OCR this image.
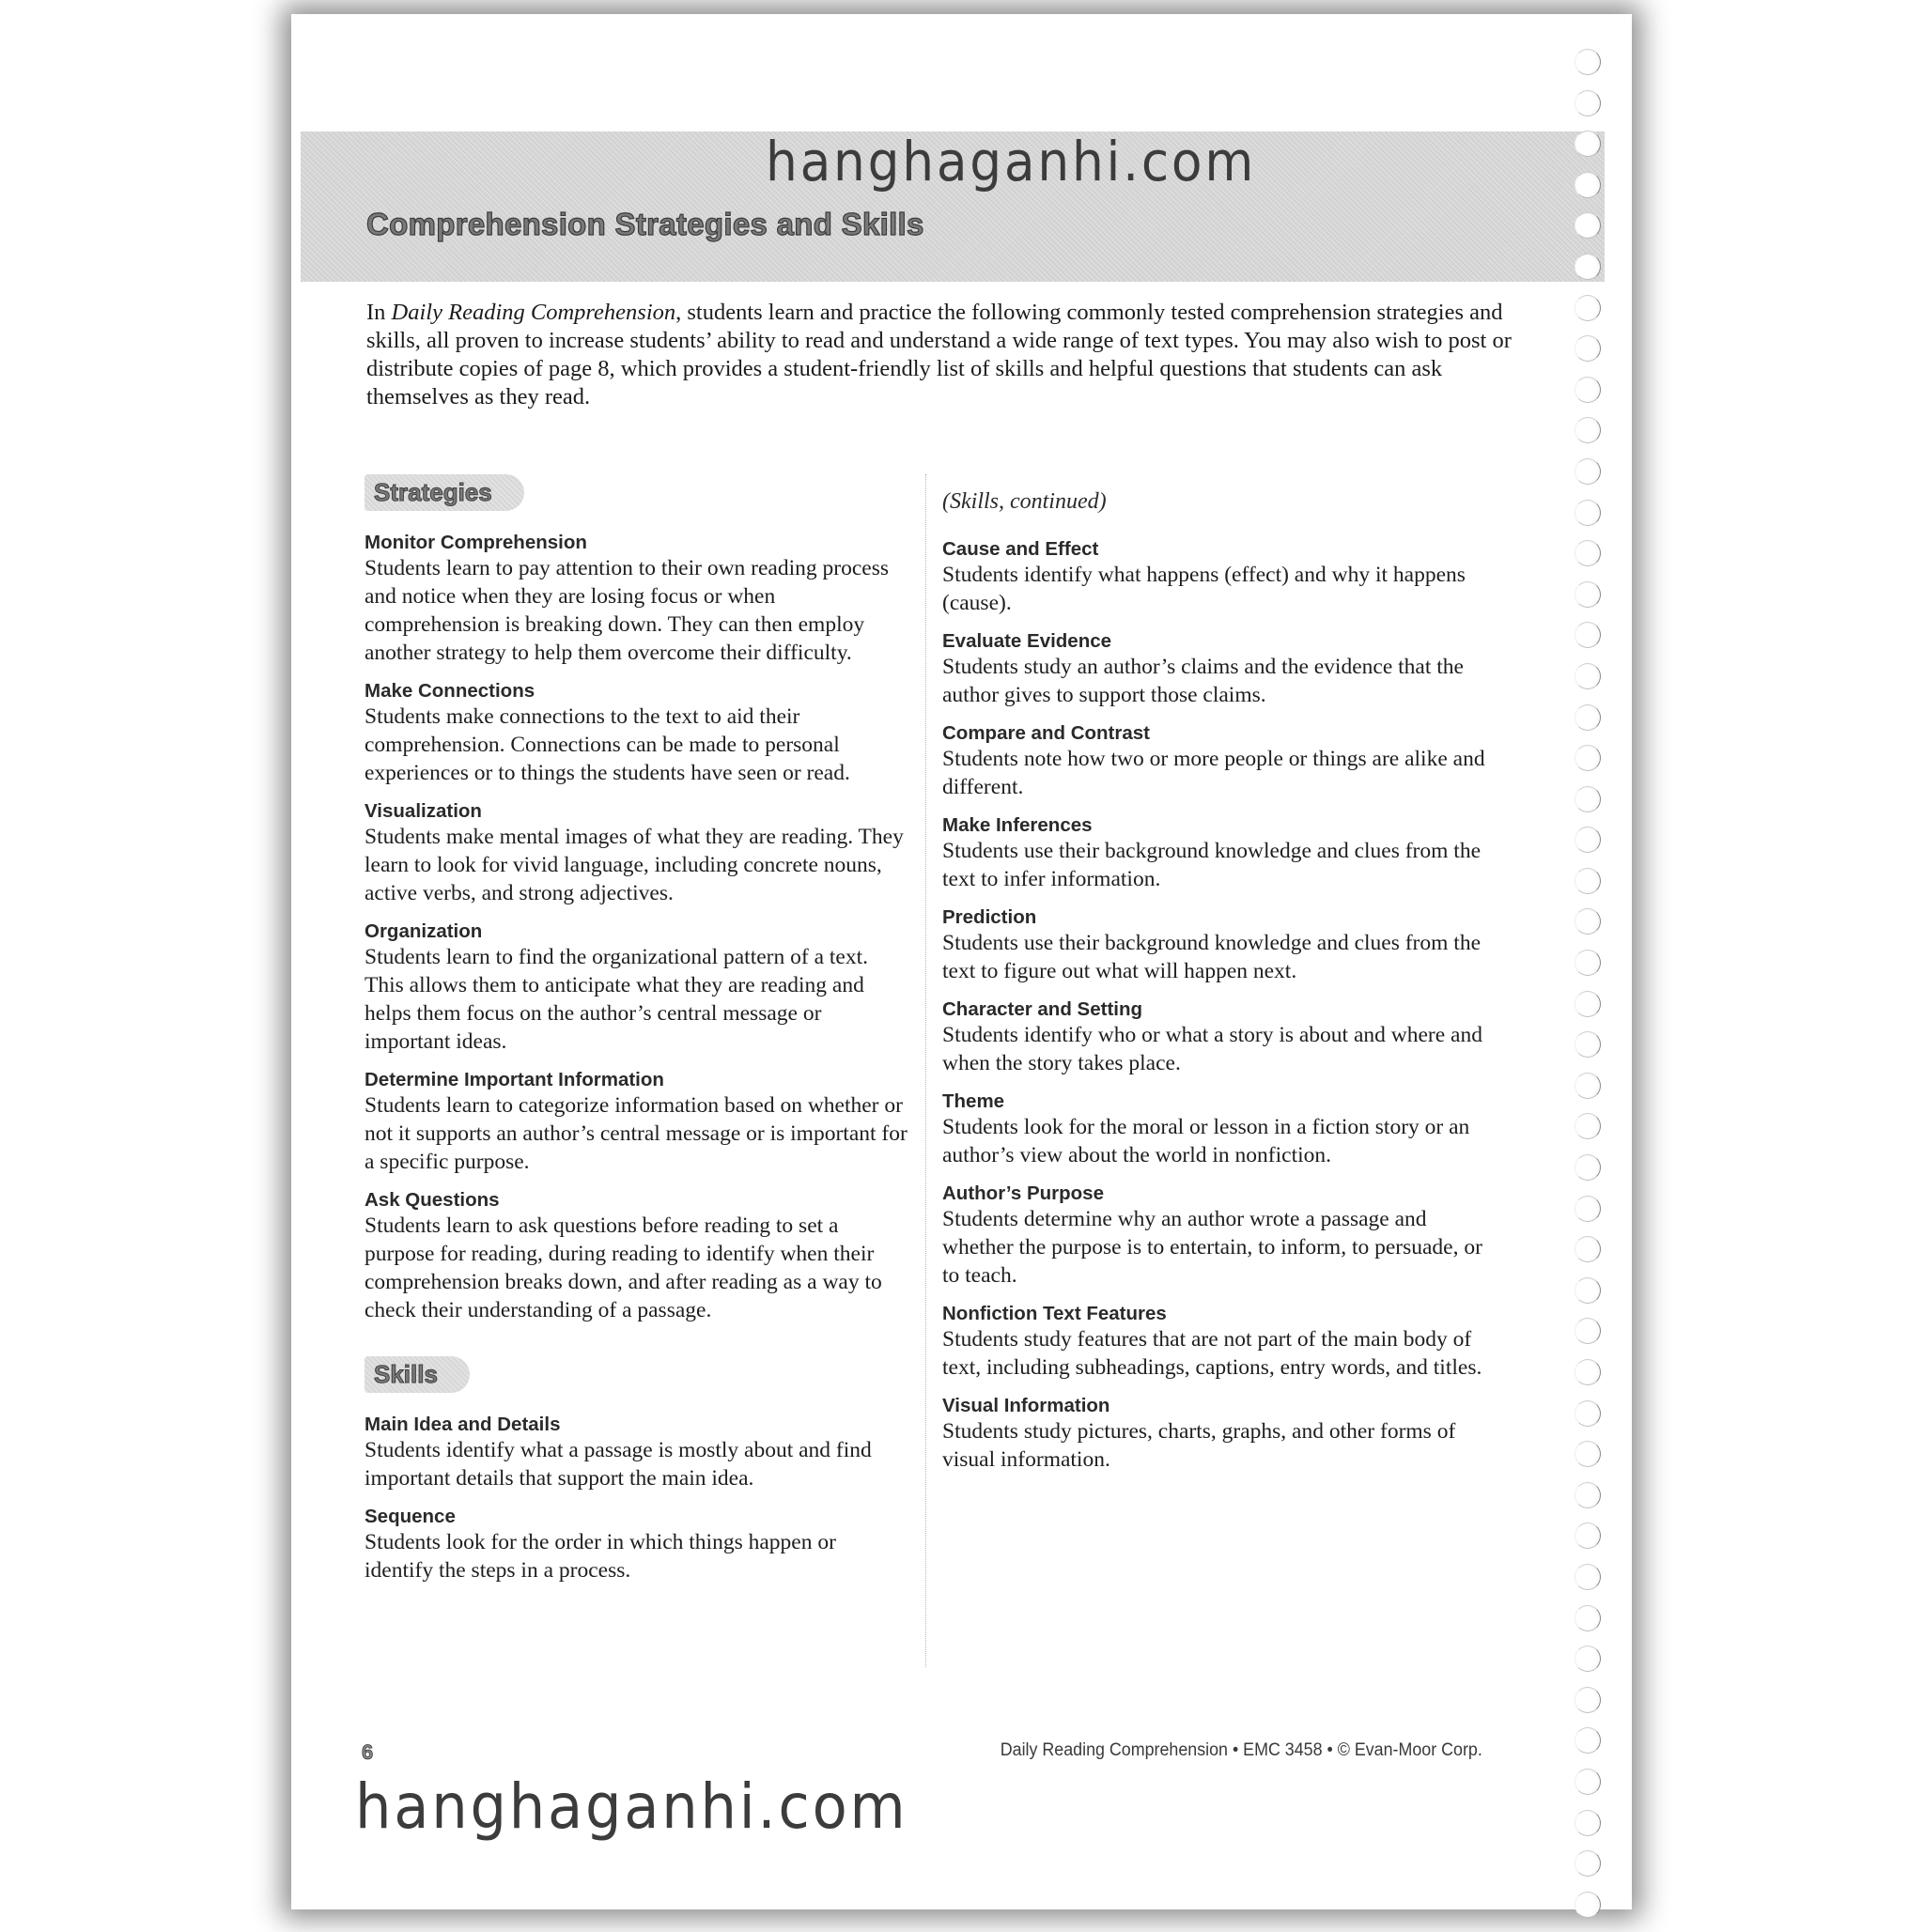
Comprehension Strategies and Skills

In Daily Reading Comprehension, students learn and practice the following commonly tested comprehension strategies and skills, all proven to increase students’ ability to read and understand a wide range of text types. You may also wish to post or distribute copies of page 8, which provides a student-friendly list of skills and helpful questions that students can ask themselves as they read.

Strategies

Monitor Comprehension

Students learn to pay attention to their own reading process and notice when they are losing focus or when comprehension is breaking down. They can then employ another strategy to help them overcome their difficulty.

Make Connections

Students make connections to the text to aid their comprehension. Connections can be made to personal experiences or to things the students have seen or read.

Visualization

Students make mental images of what they are reading. They learn to look for vivid language, including concrete nouns, active verbs, and strong adjectives.

Organization

Students learn to find the organizational pattern of a text. This allows them to anticipate what they are reading and helps them focus on the author’s central message or important ideas.

Determine Important Information

Students learn to categorize information based on whether or not it supports an author’s central message or is important for a specific purpose.

Ask Questions

Students learn to ask questions before reading to set a purpose for reading, during reading to identify when their comprehension breaks down, and after reading as a way to check their understanding of a passage.

Skills

Main Idea and Details

Students identify what a passage is mostly about and find important details that support the main idea.

Sequence

Students look for the order in which things happen or identify the steps in a process.

(Skills, continued)

Cause and Effect

Students identify what happens (effect) and why it happens (cause).

Evaluate Evidence

Students study an author’s claims and the evidence that the author gives to support those claims.

Compare and Contrast

Students note how two or more people or things are alike and different.

Make Inferences

Students use their background knowledge and clues from the text to infer information.

Prediction

Students use their background knowledge and clues from the text to figure out what will happen next.

Character and Setting

Students identify who or what a story is about and where and when the story takes place.

Theme

Students look for the moral or lesson in a fiction story or an author’s view about the world in nonfiction.

Author’s Purpose

Students determine why an author wrote a passage and whether the purpose is to entertain, to inform, to persuade, or to teach.

Nonfiction Text Features

Students study features that are not part of the main body of text, including subheadings, captions, entry words, and titles.

Visual Information

Students study pictures, charts, graphs, and other forms of visual information.

6	Daily Reading Comprehension • EMC 3458 • © Evan-Moor Corp.
hanghaganhi.com
hanghaganhi.com
